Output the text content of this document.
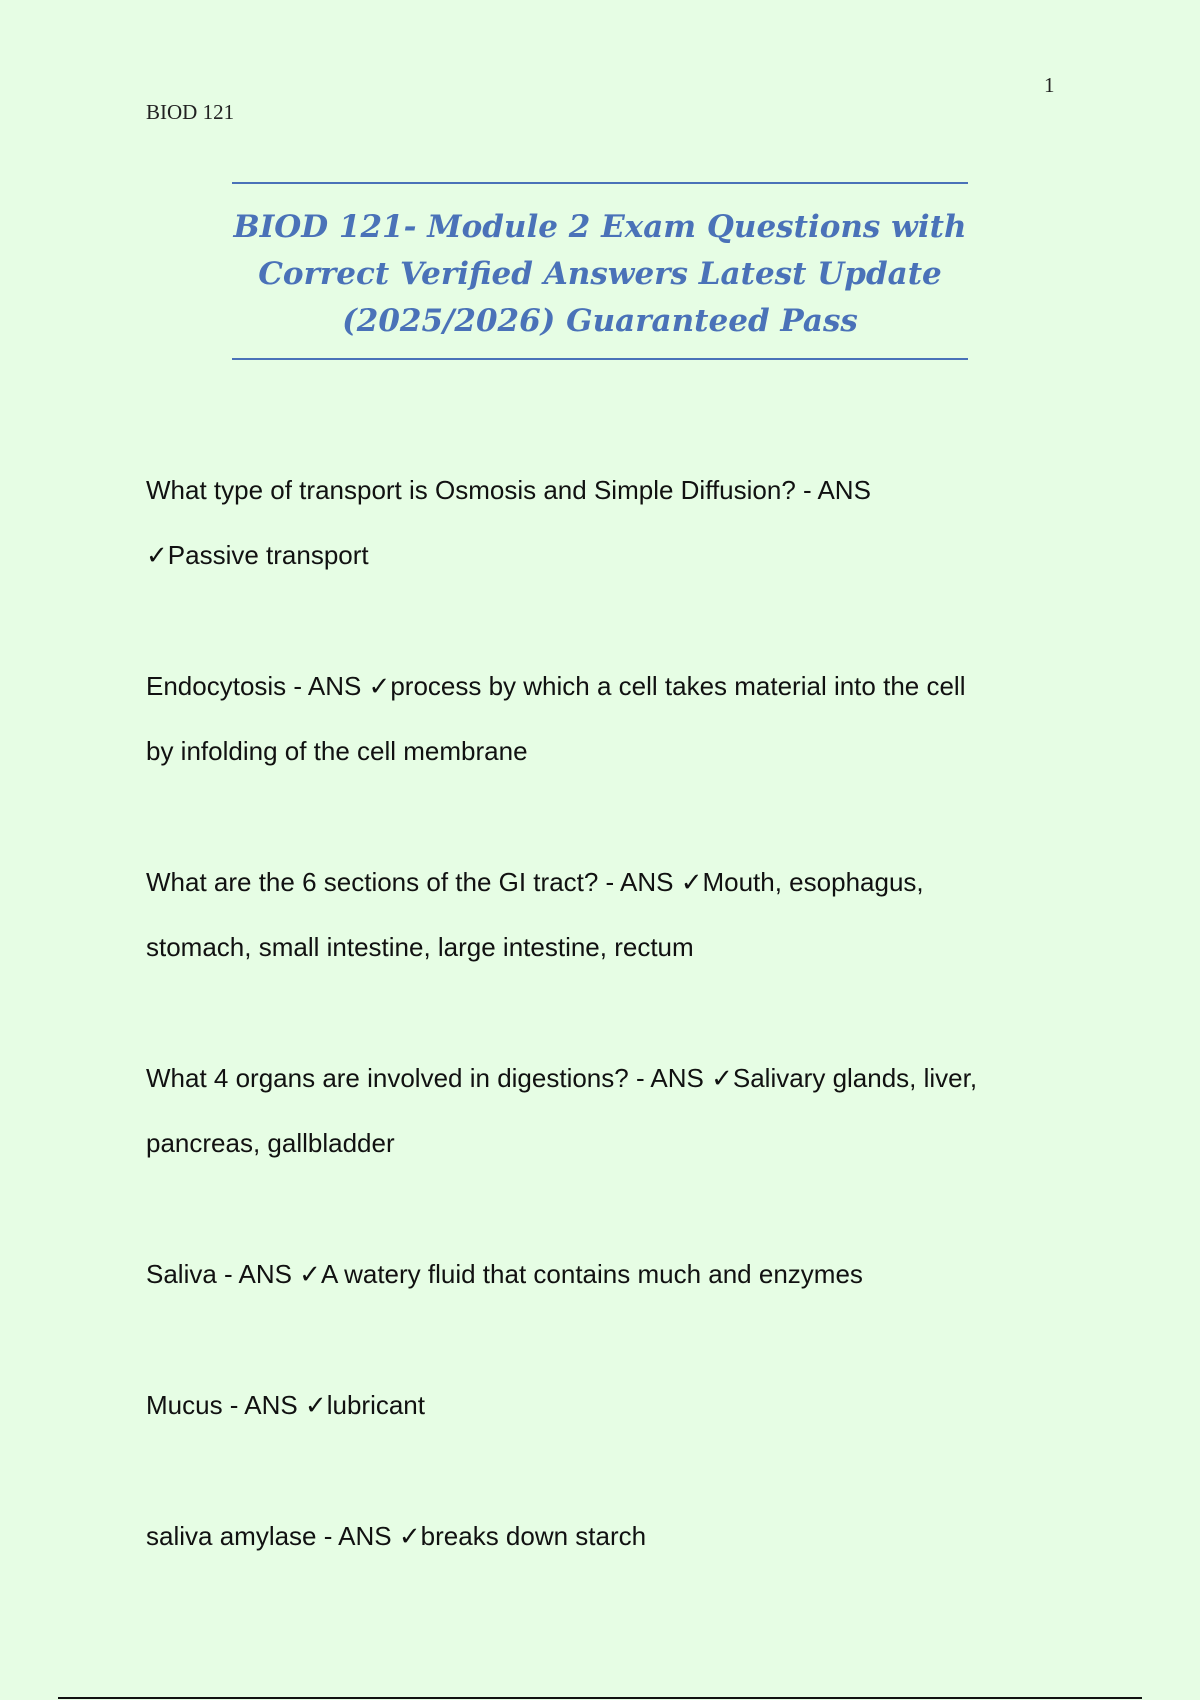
BIOD 121
1

BIOD 121- Module 2 Exam Questions with
Correct Verified Answers Latest Update
(2025/2026) Guaranteed Pass

What type of transport is Osmosis and Simple Diffusion? - ANS
✓Passive transport
Endocytosis - ANS ✓process by which a cell takes material into the cell
by infolding of the cell membrane
What are the 6 sections of the GI tract? - ANS ✓Mouth, esophagus,
stomach, small intestine, large intestine, rectum
What 4 organs are involved in digestions? - ANS ✓Salivary glands, liver,
pancreas, gallbladder
Saliva - ANS ✓A watery fluid that contains much and enzymes
Mucus - ANS ✓lubricant
saliva amylase - ANS ✓breaks down starch
